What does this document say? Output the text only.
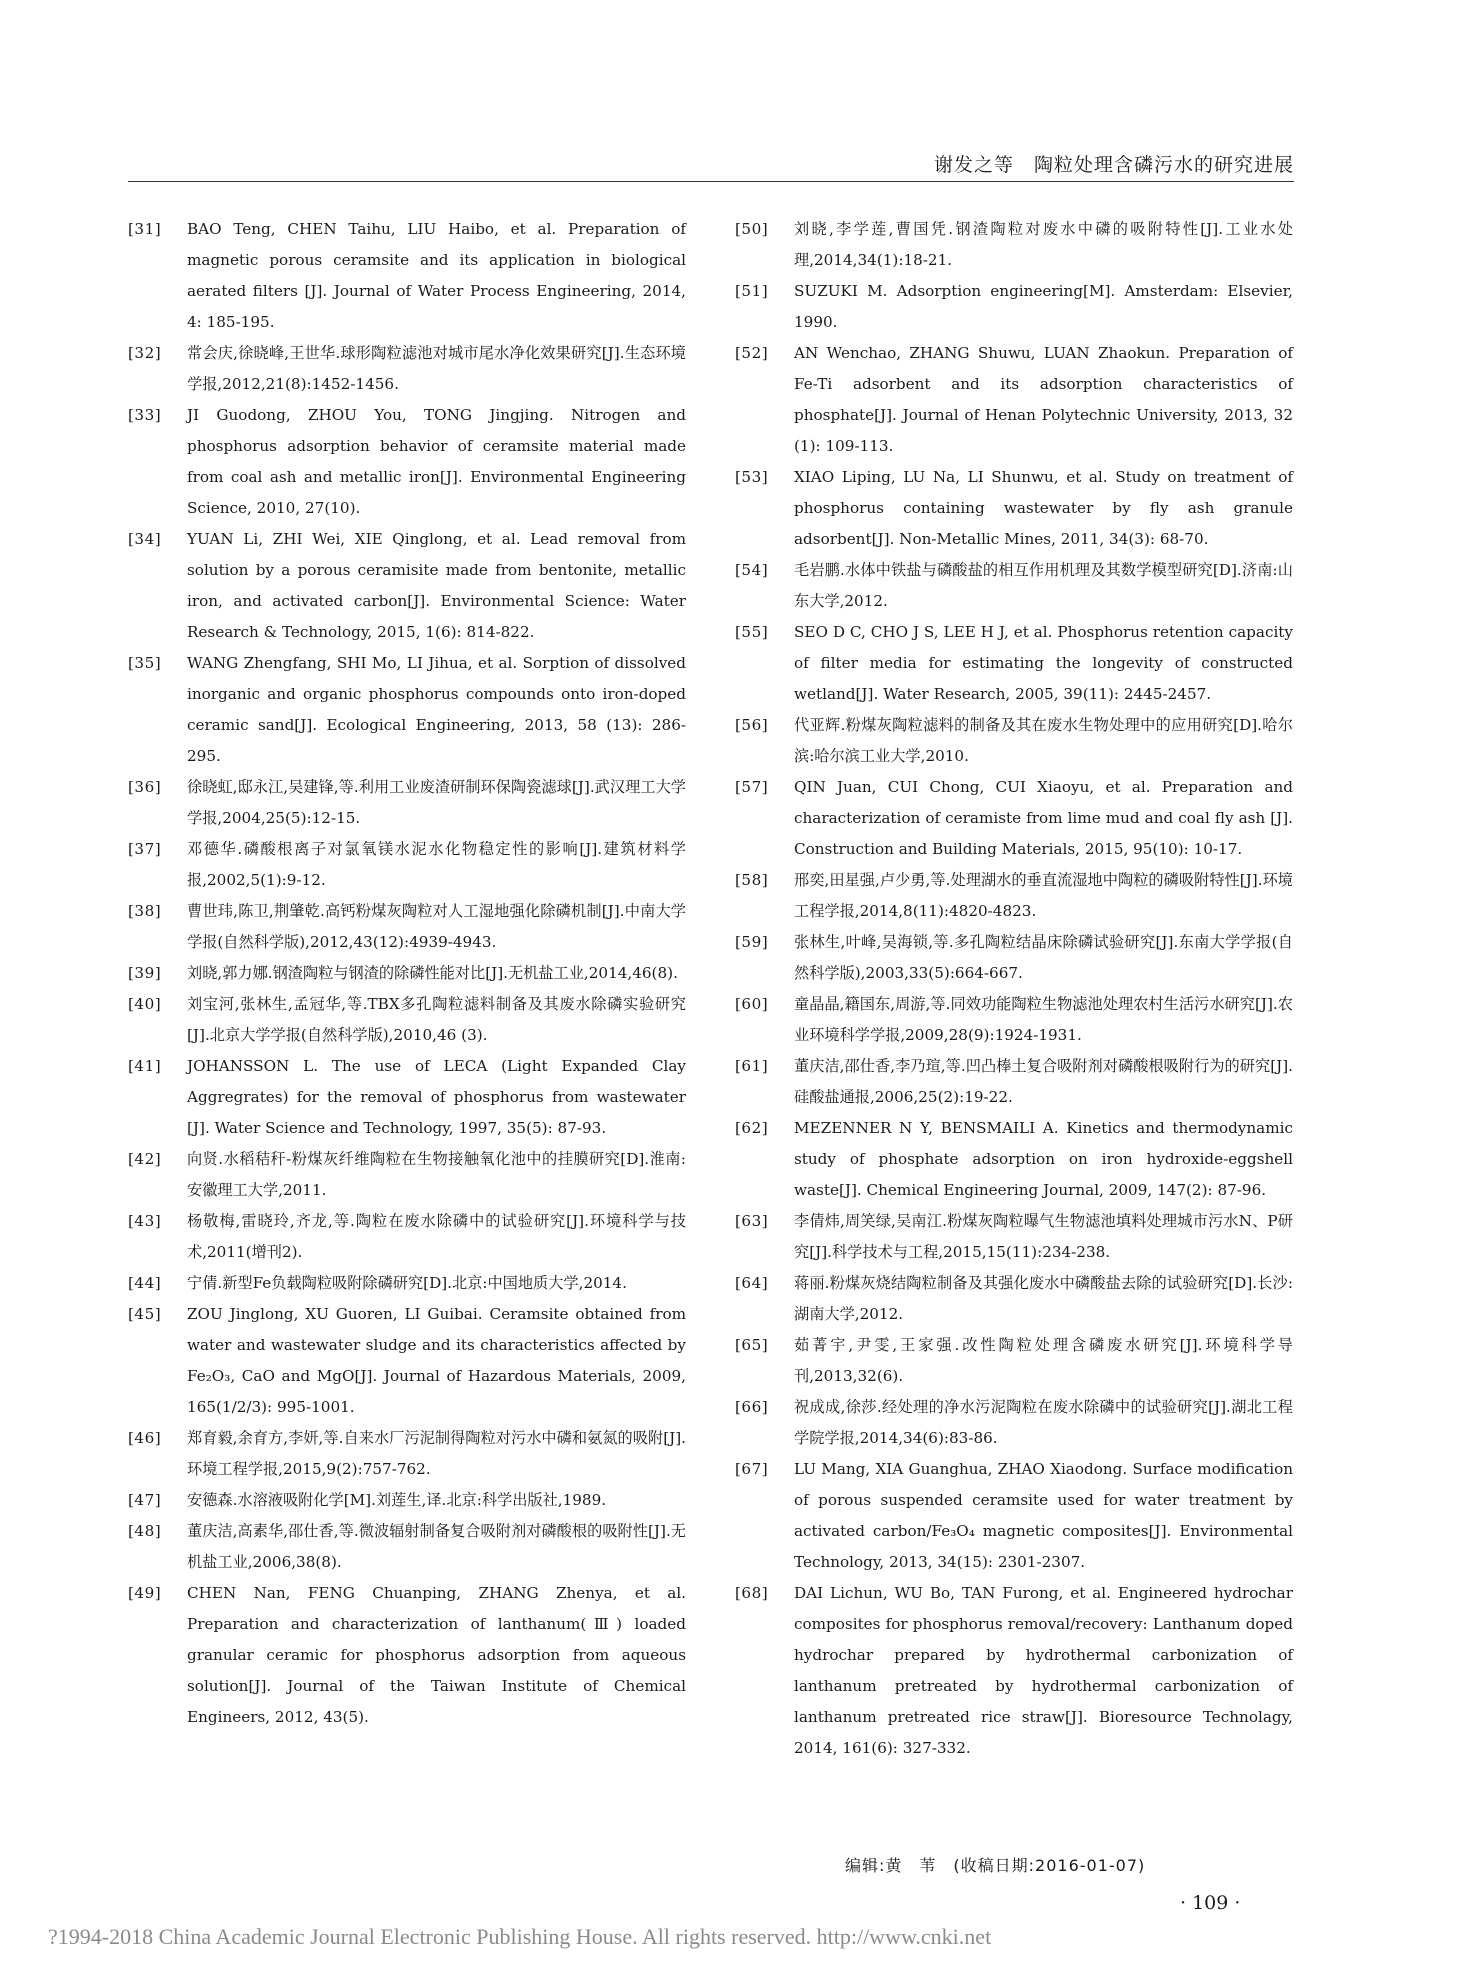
谢发之等　陶粒处理含磷污水的研究进展
[31]	BAO Teng, CHEN Taihu, LIU Haibo, et al. Preparation of magnetic porous ceramsite and its application in biological aerated filters [J]. Journal of Water Process Engineering, 2014, 4: 185-195.
[32]	常会庆,徐晓峰,王世华.球形陶粒滤池对城市尾水净化效果研究[J].生态环境学报,2012,21(8):1452-1456.
[33]	JI Guodong, ZHOU You, TONG Jingjing. Nitrogen and phosphorus adsorption behavior of ceramsite material made from coal ash and metallic iron[J]. Environmental Engineering Science, 2010, 27(10).
[34]	YUAN Li, ZHI Wei, XIE Qinglong, et al. Lead removal from solution by a porous ceramisite made from bentonite, metallic iron, and activated carbon[J]. Environmental Science: Water Research & Technology, 2015, 1(6): 814-822.
[35]	WANG Zhengfang, SHI Mo, LI Jihua, et al. Sorption of dissolved inorganic and organic phosphorus compounds onto iron-doped ceramic sand[J]. Ecological Engineering, 2013, 58 (13): 286-295.
[36]	徐晓虹,邸永江,吴建锋,等.利用工业废渣研制环保陶瓷滤球[J].武汉理工大学学报,2004,25(5):12-15.
[37]	邓德华.磷酸根离子对氯氧镁水泥水化物稳定性的影响[J].建筑材料学报,2002,5(1):9-12.
[38]	曹世玮,陈卫,荆肇乾.高钙粉煤灰陶粒对人工湿地强化除磷机制[J].中南大学学报(自然科学版),2012,43(12):4939-4943.
[39]	刘晓,郭力娜.钢渣陶粒与钢渣的除磷性能对比[J].无机盐工业,2014,46(8).
[40]	刘宝河,张林生,孟冠华,等.TBX多孔陶粒滤料制备及其废水除磷实验研究[J].北京大学学报(自然科学版),2010,46 (3).
[41]	JOHANSSON L. The use of LECA (Light Expanded Clay Aggregrates) for the removal of phosphorus from wastewater [J]. Water Science and Technology, 1997, 35(5): 87-93.
[42]	向贤.水稻秸秆-粉煤灰纤维陶粒在生物接触氧化池中的挂膜研究[D].淮南:安徽理工大学,2011.
[43]	杨敬梅,雷晓玲,齐龙,等.陶粒在废水除磷中的试验研究[J].环境科学与技术,2011(增刊2).
[44]	宁倩.新型Fe负载陶粒吸附除磷研究[D].北京:中国地质大学,2014.
[45]	ZOU Jinglong, XU Guoren, LI Guibai. Ceramsite obtained from water and wastewater sludge and its characteristics affected by Fe₂O₃, CaO and MgO[J]. Journal of Hazardous Materials, 2009, 165(1/2/3): 995-1001.
[46]	郑育毅,余育方,李妍,等.自来水厂污泥制得陶粒对污水中磷和氨氮的吸附[J].环境工程学报,2015,9(2):757-762.
[47]	安德森.水溶液吸附化学[M].刘莲生,译.北京:科学出版社,1989.
[48]	董庆洁,高素华,邵仕香,等.微波辐射制备复合吸附剂对磷酸根的吸附性[J].无机盐工业,2006,38(8).
[49]	CHEN Nan, FENG Chuanping, ZHANG Zhenya, et al. Preparation and characterization of lanthanum(Ⅲ) loaded granular ceramic for phosphorus adsorption from aqueous solution[J]. Journal of the Taiwan Institute of Chemical Engineers, 2012, 43(5).
[50]	刘晓,李学莲,曹国凭.钢渣陶粒对废水中磷的吸附特性[J].工业水处理,2014,34(1):18-21.
[51]	SUZUKI M. Adsorption engineering[M]. Amsterdam: Elsevier, 1990.
[52]	AN Wenchao, ZHANG Shuwu, LUAN Zhaokun. Preparation of Fe-Ti adsorbent and its adsorption characteristics of phosphate[J]. Journal of Henan Polytechnic University, 2013, 32 (1): 109-113.
[53]	XIAO Liping, LU Na, LI Shunwu, et al. Study on treatment of phosphorus containing wastewater by fly ash granule adsorbent[J]. Non-Metallic Mines, 2011, 34(3): 68-70.
[54]	毛岩鹏.水体中铁盐与磷酸盐的相互作用机理及其数学模型研究[D].济南:山东大学,2012.
[55]	SEO D C, CHO J S, LEE H J, et al. Phosphorus retention capacity of filter media for estimating the longevity of constructed wetland[J]. Water Research, 2005, 39(11): 2445-2457.
[56]	代亚辉.粉煤灰陶粒滤料的制备及其在废水生物处理中的应用研究[D].哈尔滨:哈尔滨工业大学,2010.
[57]	QIN Juan, CUI Chong, CUI Xiaoyu, et al. Preparation and characterization of ceramiste from lime mud and coal fly ash [J]. Construction and Building Materials, 2015, 95(10): 10-17.
[58]	邢奕,田星强,卢少勇,等.处理湖水的垂直流湿地中陶粒的磷吸附特性[J].环境工程学报,2014,8(11):4820-4823.
[59]	张林生,叶峰,吴海锁,等.多孔陶粒结晶床除磷试验研究[J].东南大学学报(自然科学版),2003,33(5):664-667.
[60]	童晶晶,籍国东,周游,等.同效功能陶粒生物滤池处理农村生活污水研究[J].农业环境科学学报,2009,28(9):1924-1931.
[61]	董庆洁,邵仕香,李乃瑄,等.凹凸棒土复合吸附剂对磷酸根吸附行为的研究[J].硅酸盐通报,2006,25(2):19-22.
[62]	MEZENNER N Y, BENSMAILI A. Kinetics and thermodynamic study of phosphate adsorption on iron hydroxide-eggshell waste[J]. Chemical Engineering Journal, 2009, 147(2): 87-96.
[63]	李倩炜,周笑绿,吴南江.粉煤灰陶粒曝气生物滤池填料处理城市污水N、P研究[J].科学技术与工程,2015,15(11):234-238.
[64]	蒋丽.粉煤灰烧结陶粒制备及其强化废水中磷酸盐去除的试验研究[D].长沙:湖南大学,2012.
[65]	茹菁宇,尹雯,王家强.改性陶粒处理含磷废水研究[J].环境科学导刊,2013,32(6).
[66]	祝成成,徐莎.经处理的净水污泥陶粒在废水除磷中的试验研究[J].湖北工程学院学报,2014,34(6):83-86.
[67]	LU Mang, XIA Guanghua, ZHAO Xiaodong. Surface modification of porous suspended ceramsite used for water treatment by activated carbon/Fe₃O₄ magnetic composites[J]. Environmental Technology, 2013, 34(15): 2301-2307.
[68]	DAI Lichun, WU Bo, TAN Furong, et al. Engineered hydrochar composites for phosphorus removal/recovery: Lanthanum doped hydrochar prepared by hydrothermal carbonization of lanthanum pretreated by hydrothermal carbonization of lanthanum pretreated rice straw[J]. Bioresource Technolagy, 2014, 161(6): 327-332.
编辑:黄　苇　(收稿日期:2016-01-07)
· 109 ·
?1994-2018 China Academic Journal Electronic Publishing House. All rights reserved. http://www.cnki.net
